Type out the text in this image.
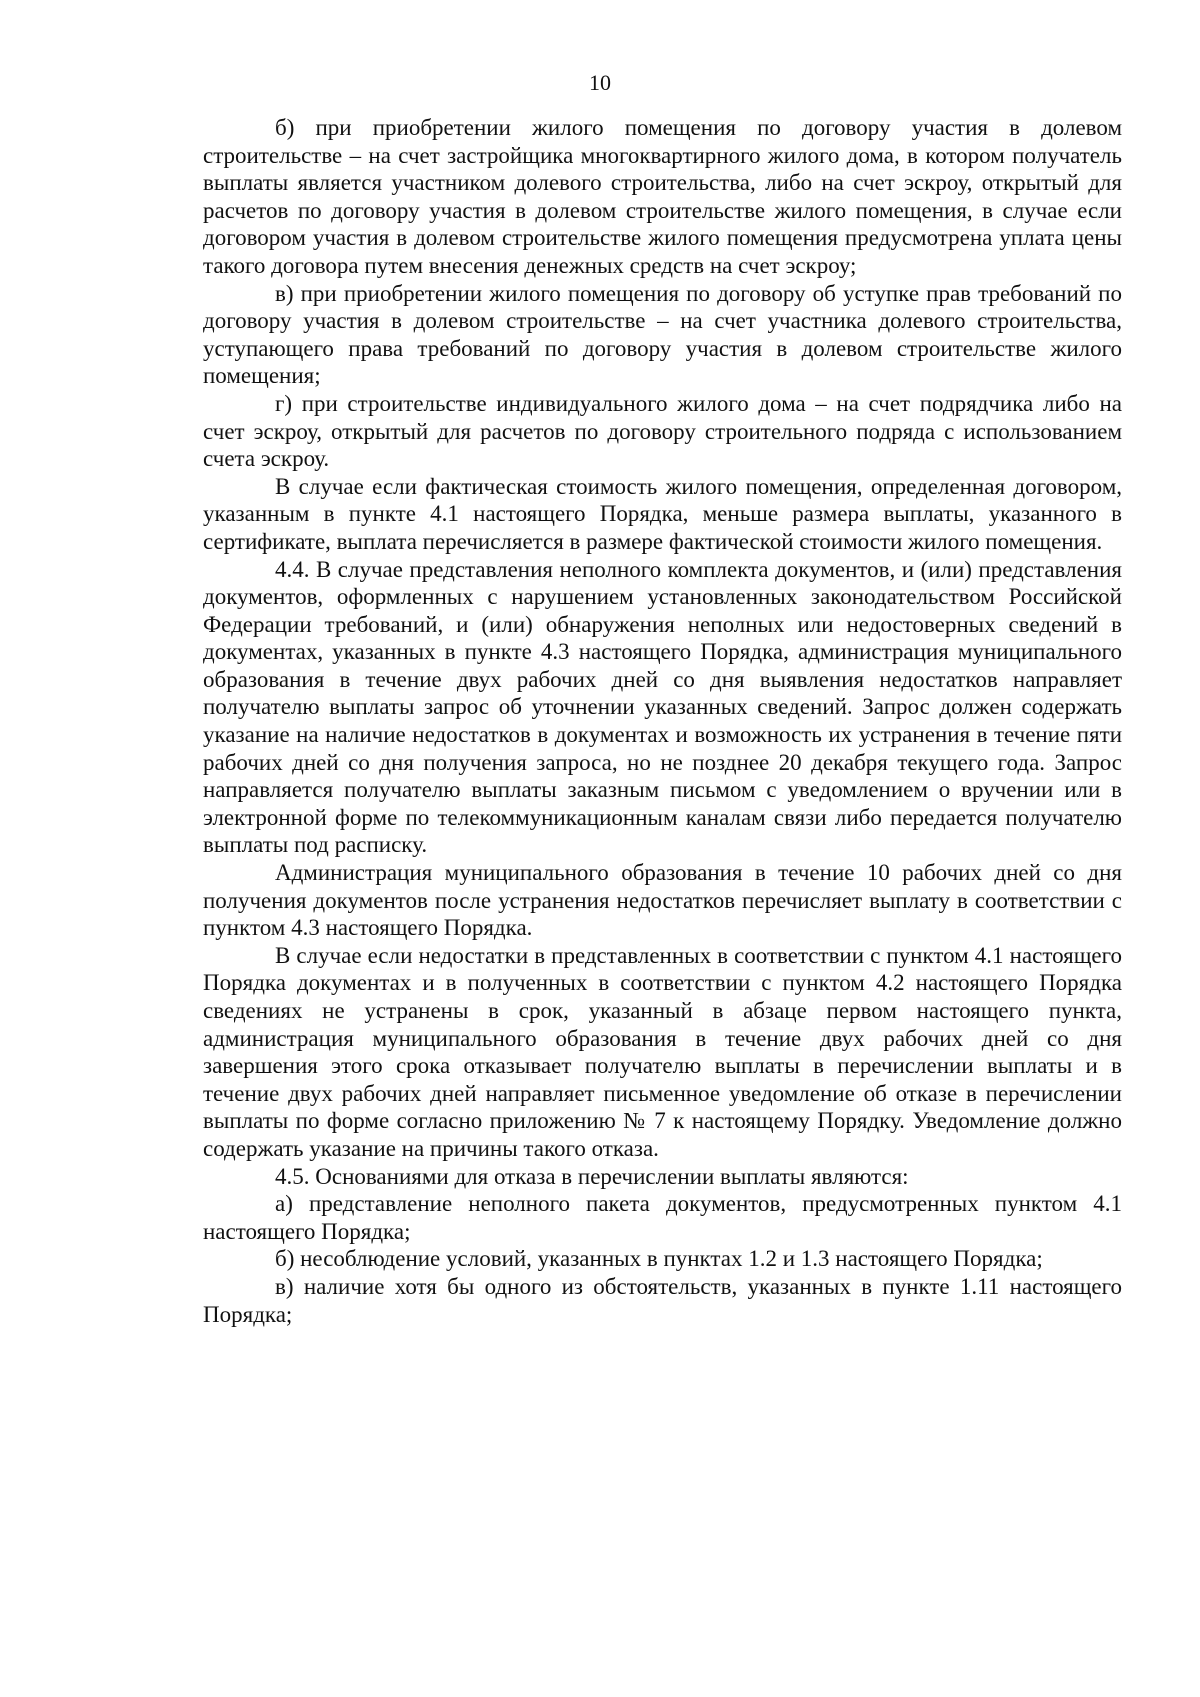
10

б) при приобретении жилого помещения по договору участия в долевом строительстве – на счет застройщика многоквартирного жилого дома, в котором получатель выплаты является участником долевого строительства, либо на счет эскроу, открытый для расчетов по договору участия в долевом строительстве жилого помещения, в случае если договором участия в долевом строительстве жилого помещения предусмотрена уплата цены такого договора путем внесения денежных средств на счет эскроу;

в) при приобретении жилого помещения по договору об уступке прав требований по договору участия в долевом строительстве – на счет участника долевого строительства, уступающего права требований по договору участия в долевом строительстве жилого помещения;

г) при строительстве индивидуального жилого дома – на счет подрядчика либо на счет эскроу, открытый для расчетов по договору строительного подряда с использованием счета эскроу.

В случае если фактическая стоимость жилого помещения, определенная договором, указанным в пункте 4.1 настоящего Порядка, меньше размера выплаты, указанного в сертификате, выплата перечисляется в размере фактической стоимости жилого помещения.

4.4. В случае представления неполного комплекта документов, и (или) представления документов, оформленных с нарушением установленных законодательством Российской Федерации требований, и (или) обнаружения неполных или недостоверных сведений в документах, указанных в пункте 4.3 настоящего Порядка, администрация муниципального образования в течение двух рабочих дней со дня выявления недостатков направляет получателю выплаты запрос об уточнении указанных сведений. Запрос должен содержать указание на наличие недостатков в документах и возможность их устранения в течение пяти рабочих дней со дня получения запроса, но не позднее 20 декабря текущего года. Запрос направляется получателю выплаты заказным письмом с уведомлением о вручении или в электронной форме по телекоммуникационным каналам связи либо передается получателю выплаты под расписку.

Администрация муниципального образования в течение 10 рабочих дней со дня получения документов после устранения недостатков перечисляет выплату в соответствии с пунктом 4.3 настоящего Порядка.

В случае если недостатки в представленных в соответствии с пунктом 4.1 настоящего Порядка документах и в полученных в соответствии с пунктом 4.2 настоящего Порядка сведениях не устранены в срок, указанный в абзаце первом настоящего пункта, администрация муниципального образования в течение двух рабочих дней со дня завершения этого срока отказывает получателю выплаты в перечислении выплаты и в течение двух рабочих дней направляет письменное уведомление об отказе в перечислении выплаты по форме согласно приложению № 7 к настоящему Порядку. Уведомление должно содержать указание на причины такого отказа.

4.5. Основаниями для отказа в перечислении выплаты являются:

а) представление неполного пакета документов, предусмотренных пунктом 4.1 настоящего Порядка;

б) несоблюдение условий, указанных в пунктах 1.2 и 1.3 настоящего Порядка;

в) наличие хотя бы одного из обстоятельств, указанных в пункте 1.11 настоящего Порядка;
